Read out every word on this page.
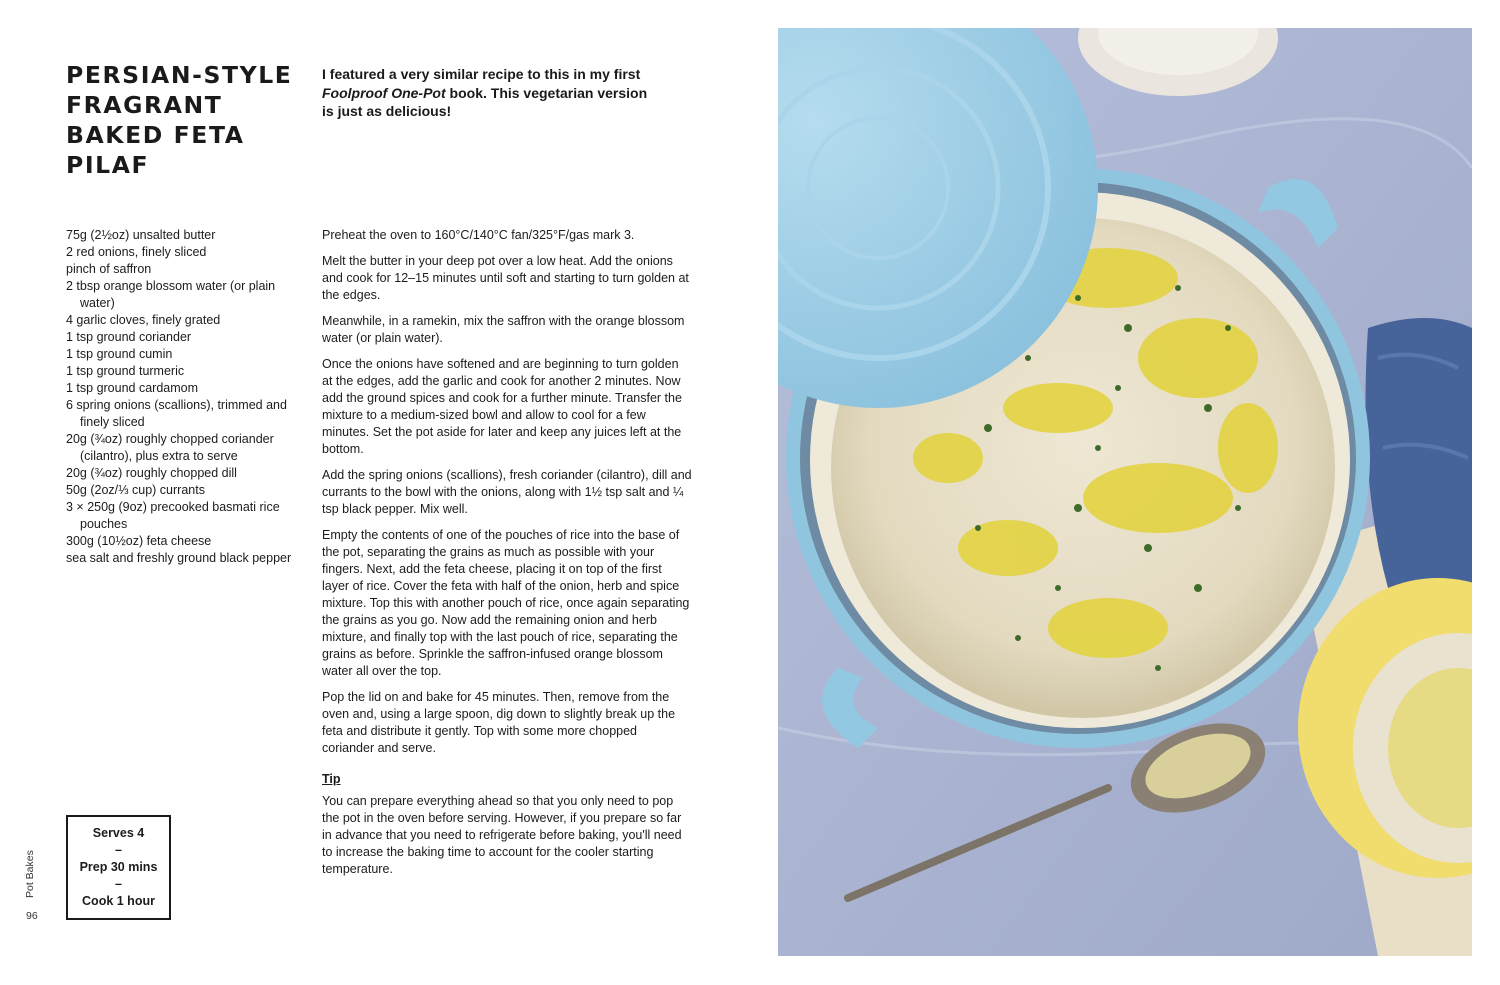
PERSIAN-STYLE
FRAGRANT
BAKED FETA
PILAF

I featured a very similar recipe to this in my first
Foolproof One-Pot book. This vegetarian version
is just as delicious!

75g (2½oz) unsalted butter
2 red onions, finely sliced
pinch of saffron
2 tbsp orange blossom water (or plain water)
4 garlic cloves, finely grated
1 tsp ground coriander
1 tsp ground cumin
1 tsp ground turmeric
1 tsp ground cardamom
6 spring onions (scallions), trimmed and finely sliced
20g (¾oz) roughly chopped coriander (cilantro), plus extra to serve
20g (¾oz) roughly chopped dill
50g (2oz/⅓ cup) currants
3 × 250g (9oz) precooked basmati rice pouches
300g (10½oz) feta cheese
sea salt and freshly ground black pepper

Preheat the oven to 160°C/140°C fan/325°F/gas mark 3.

Melt the butter in your deep pot over a low heat. Add the onions and cook for 12–15 minutes until soft and starting to turn golden at the edges.

Meanwhile, in a ramekin, mix the saffron with the orange blossom water (or plain water).

Once the onions have softened and are beginning to turn golden at the edges, add the garlic and cook for another 2 minutes. Now add the ground spices and cook for a further minute. Transfer the mixture to a medium-sized bowl and allow to cool for a few minutes. Set the pot aside for later and keep any juices left at the bottom.

Add the spring onions (scallions), fresh coriander (cilantro), dill and currants to the bowl with the onions, along with 1½ tsp salt and ¼ tsp black pepper. Mix well.

Empty the contents of one of the pouches of rice into the base of the pot, separating the grains as much as possible with your fingers. Next, add the feta cheese, placing it on top of the first layer of rice. Cover the feta with half of the onion, herb and spice mixture. Top this with another pouch of rice, once again separating the grains as you go. Now add the remaining onion and herb mixture, and finally top with the last pouch of rice, separating the grains as before. Sprinkle the saffron-infused orange blossom water all over the top.

Pop the lid on and bake for 45 minutes. Then, remove from the oven and, using a large spoon, dig down to slightly break up the feta and distribute it gently. Top with some more chopped coriander and serve.

Tip

You can prepare everything ahead so that you only need to pop the pot in the oven before serving. However, if you prepare so far in advance that you need to refrigerate before baking, you'll need to increase the baking time to account for the cooler starting temperature.

Serves 4
–
Prep 30 mins
–
Cook 1 hour
Pot Bakes
96
